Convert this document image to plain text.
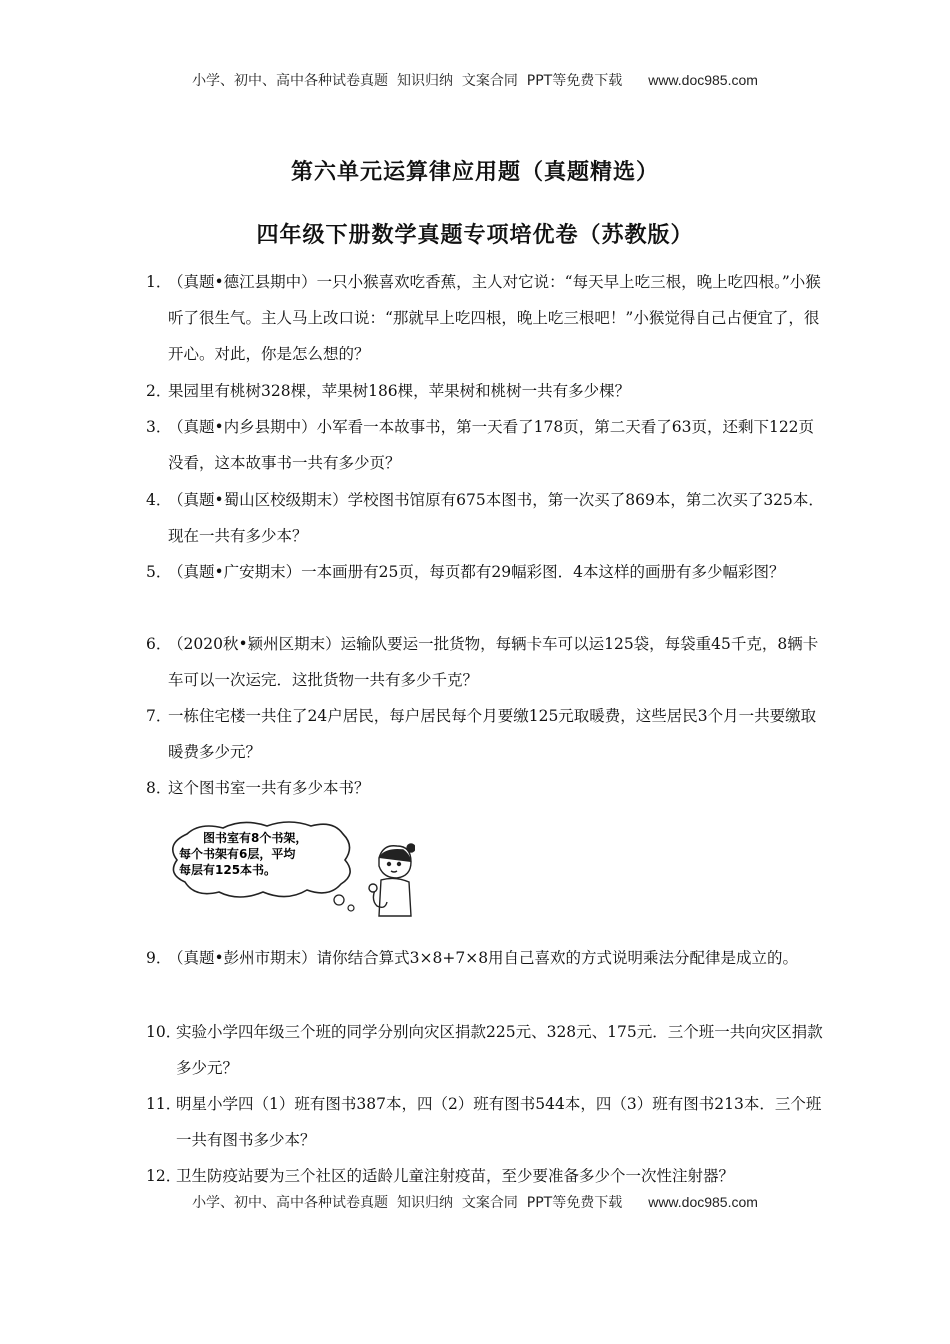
小学、初中、高中各种试卷真题  知识归纳  文案合同  PPT等免费下载 www.doc985.com
第六单元运算律应用题（真题精选）
四年级下册数学真题专项培优卷（苏教版）
1．
（真题•德江县期中）一只小猴喜欢吃香蕉，主人对它说：“每天早上吃三根，晚上吃四根。”小猴听了很生气。主人马上改口说：“那就早上吃四根，晚上吃三根吧！”小猴觉得自己占便宜了，很开心。对此，你是怎么想的？
2．
果园里有桃树328棵，苹果树186棵，苹果树和桃树一共有多少棵？
3．
（真题•内乡县期中）小军看一本故事书，第一天看了178页，第二天看了63页，还剩下122页没看，这本故事书一共有多少页？
4．
（真题•蜀山区校级期末）学校图书馆原有675本图书，第一次买了869本，第二次买了325本．现在一共有多少本？
5．
（真题•广安期末）一本画册有25页，每页都有29幅彩图．4本这样的画册有多少幅彩图？
6．
（2020秋•颍州区期末）运输队要运一批货物，每辆卡车可以运125袋，每袋重45千克，8辆卡车可以一次运完．这批货物一共有多少千克？
7．
一栋住宅楼一共住了24户居民，每户居民每个月要缴125元取暖费，这些居民3个月一共要缴取暖费多少元？
8．
这个图书室一共有多少本书？
图书室有8个书架，
每个书架有6层，平均
每层有125本书。
9．
（真题•彭州市期末）请你结合算式3×8+7×8用自己喜欢的方式说明乘法分配律是成立的。
10．
实验小学四年级三个班的同学分别向灾区捐款225元、328元、175元．三个班一共向灾区捐款多少元？
11．
明星小学四（1）班有图书387本，四（2）班有图书544本，四（3）班有图书213本．三个班一共有图书多少本？
12．
卫生防疫站要为三个社区的适龄儿童注射疫苗，至少要准备多少个一次性注射器？
小学、初中、高中各种试卷真题  知识归纳  文案合同  PPT等免费下载 www.doc985.com
